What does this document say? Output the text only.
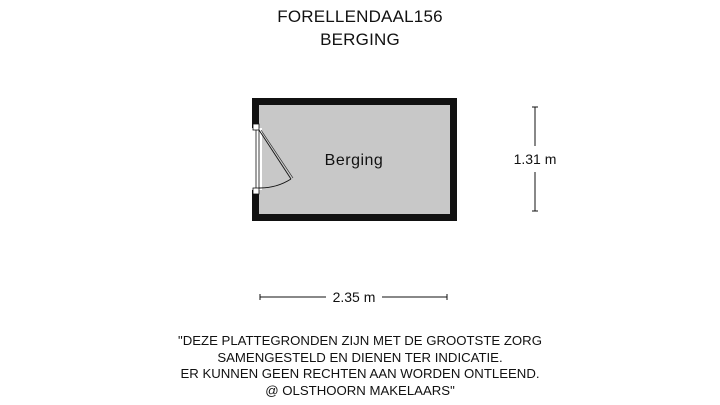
FORELLENDAAL156
BERGING
Berging	1.31 m
2.35 m
"DEZE PLATTEGRONDEN ZIJN MET DE GROOTSTE ZORG
SAMENGESTELD EN DIENEN TER INDICATIE.
ER KUNNEN GEEN RECHTEN AAN WORDEN ONTLEEND.
@ OLSTHOORN MAKELAARS"
